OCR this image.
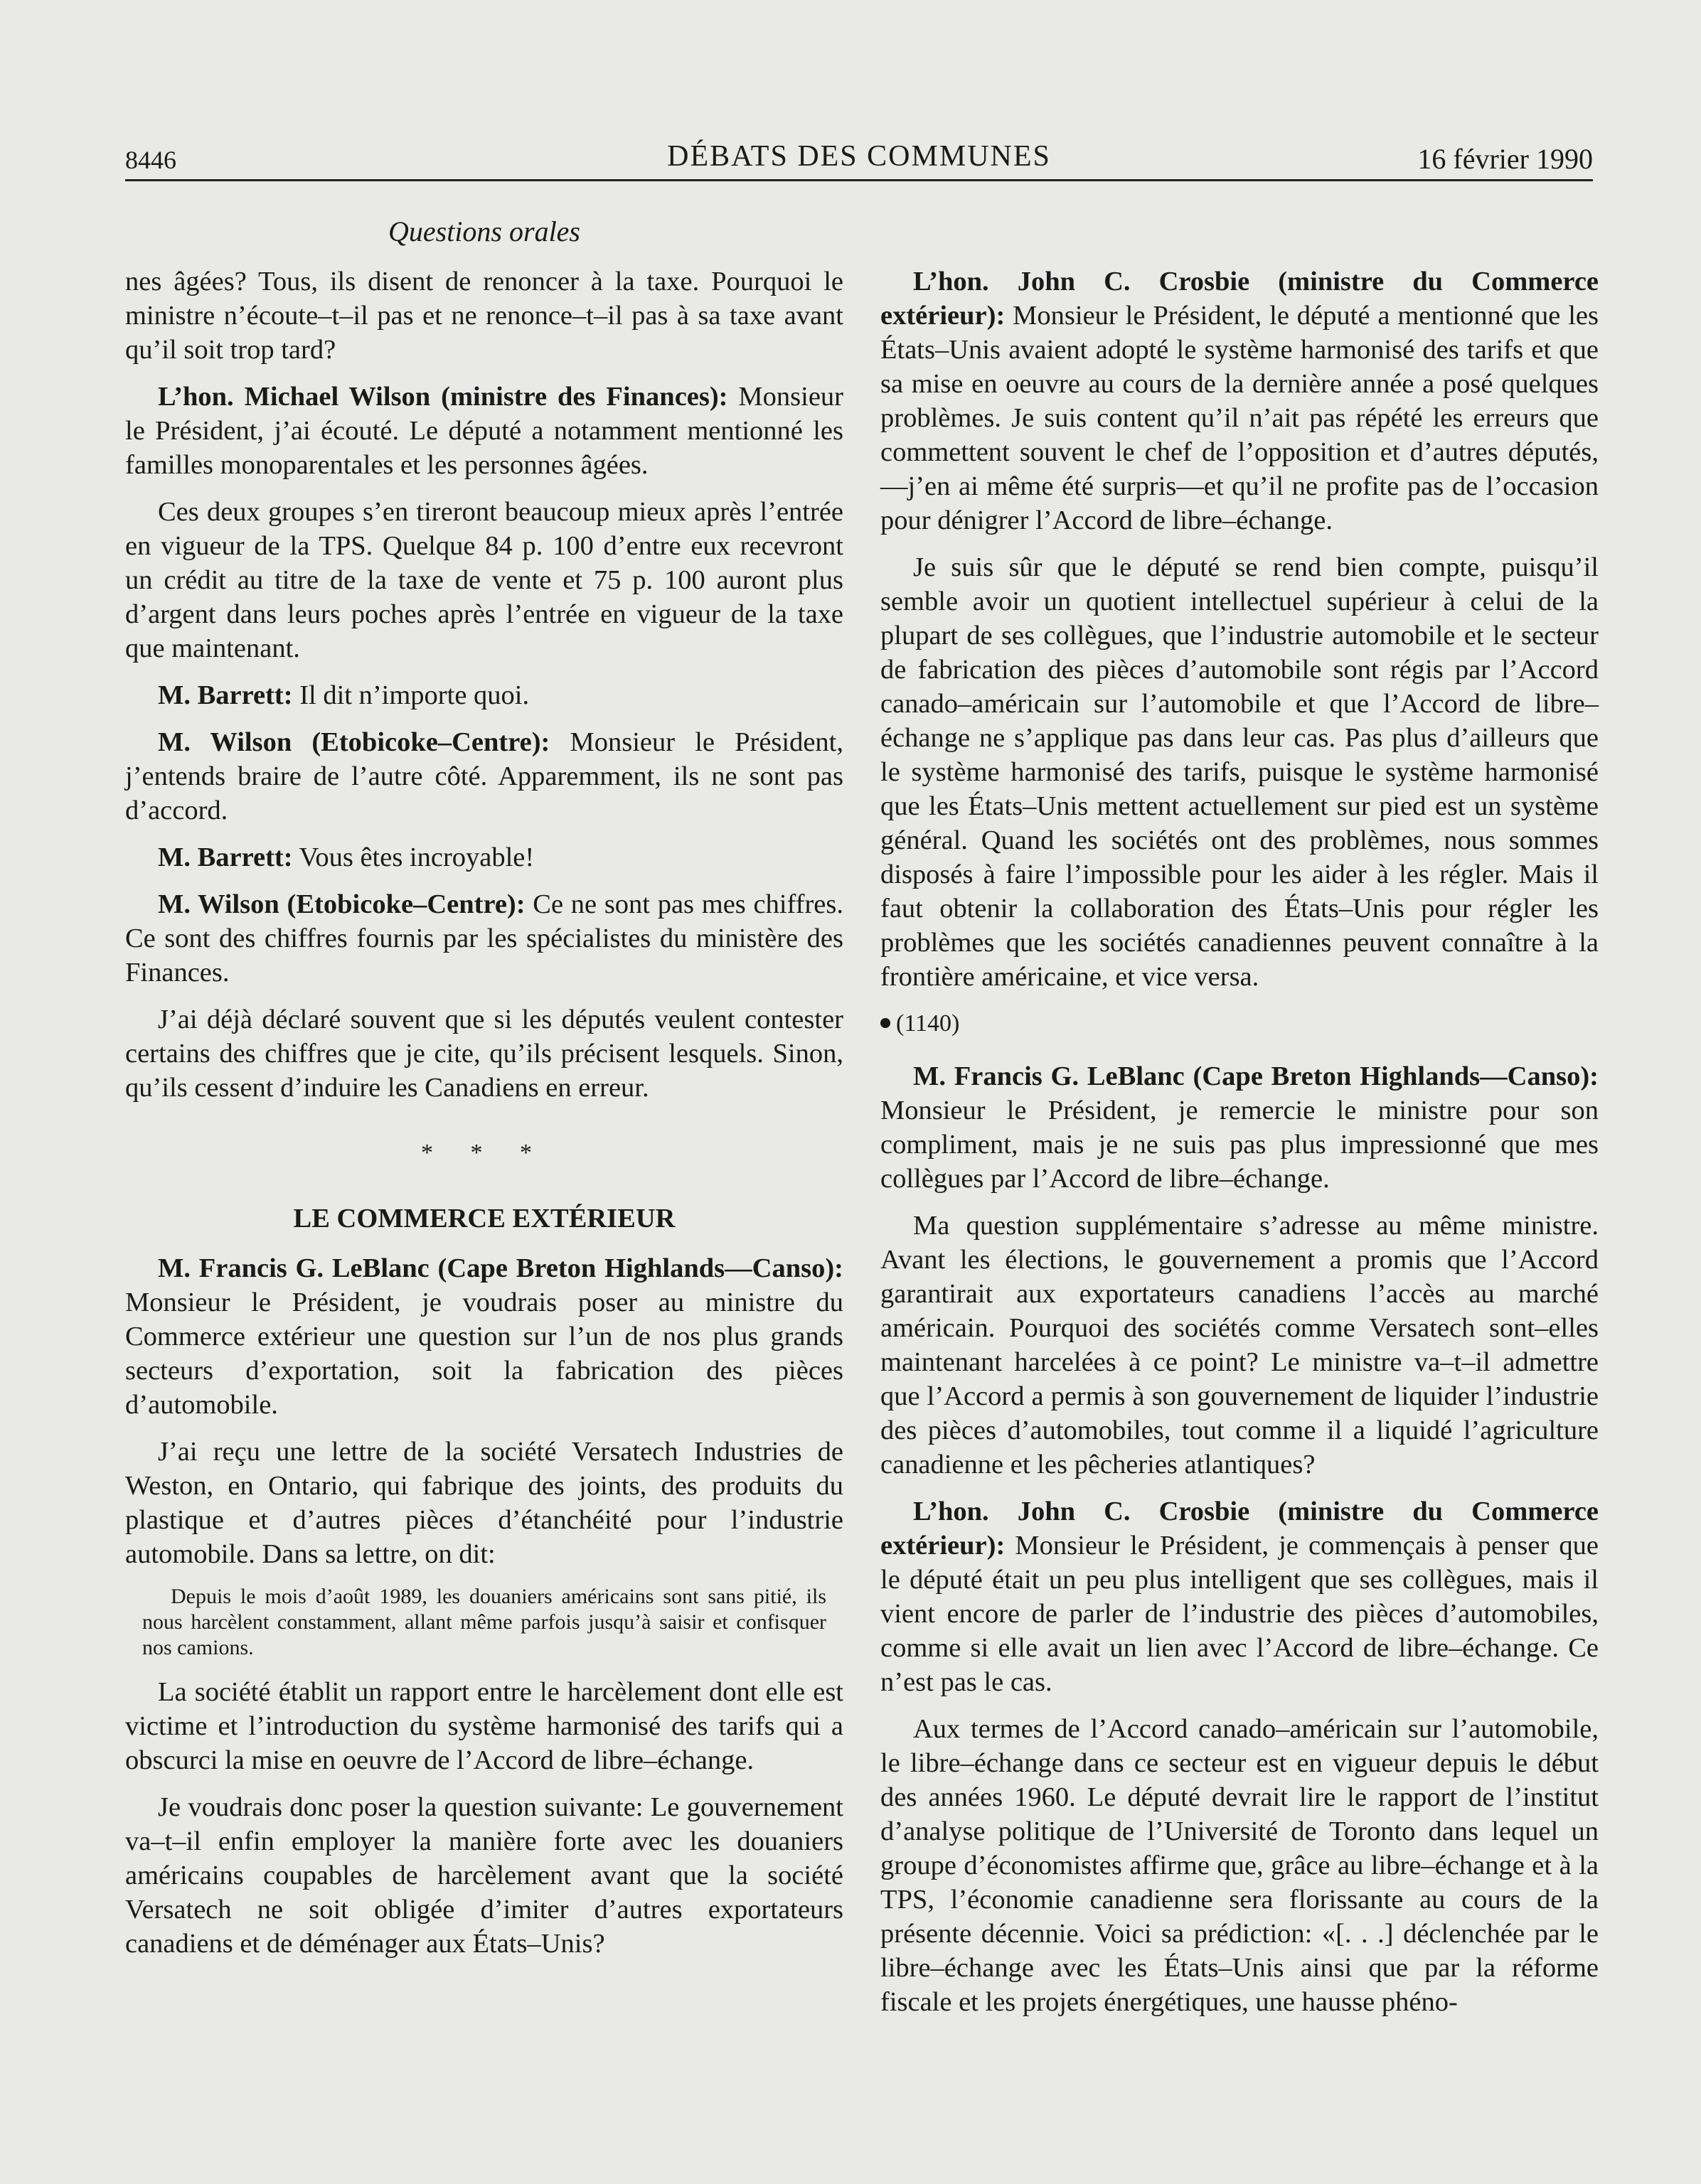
8446	DÉBATS DES COMMUNES	16 février 1990
Questions orales

nes âgées? Tous, ils disent de renoncer à la taxe. Pourquoi le ministre n’écoute–t–il pas et ne renonce–t–il pas à sa taxe avant qu’il soit trop tard?

L’hon. Michael Wilson (ministre des Finances): Monsieur le Président, j’ai écouté. Le député a notamment mentionné les familles monoparentales et les personnes âgées.

Ces deux groupes s’en tireront beaucoup mieux après l’entrée en vigueur de la TPS. Quelque 84 p. 100 d’entre eux recevront un crédit au titre de la taxe de vente et 75 p. 100 auront plus d’argent dans leurs poches après l’entrée en vigueur de la taxe que maintenant.

M. Barrett: Il dit n’importe quoi.

M. Wilson (Etobicoke–Centre): Monsieur le Président, j’entends braire de l’autre côté. Apparemment, ils ne sont pas d’accord.

M. Barrett: Vous êtes incroyable!

M. Wilson (Etobicoke–Centre): Ce ne sont pas mes chiffres. Ce sont des chiffres fournis par les spécialistes du ministère des Finances.

J’ai déjà déclaré souvent que si les députés veulent contester certains des chiffres que je cite, qu’ils précisent lesquels. Sinon, qu’ils cessent d’induire les Canadiens en erreur.

* * *
LE COMMERCE EXTÉRIEUR

M. Francis G. LeBlanc (Cape Breton Highlands—Canso): Monsieur le Président, je voudrais poser au ministre du Commerce extérieur une question sur l’un de nos plus grands secteurs d’exportation, soit la fabrication des pièces d’automobile.

J’ai reçu une lettre de la société Versatech Industries de Weston, en Ontario, qui fabrique des joints, des produits du plastique et d’autres pièces d’étanchéité pour l’industrie automobile. Dans sa lettre, on dit:

Depuis le mois d’août 1989, les douaniers américains sont sans pitié, ils nous harcèlent constamment, allant même parfois jusqu’à saisir et confisquer nos camions.

La société établit un rapport entre le harcèlement dont elle est victime et l’introduction du système harmonisé des tarifs qui a obscurci la mise en oeuvre de l’Accord de libre–échange.

Je voudrais donc poser la question suivante: Le gouvernement va–t–il enfin employer la manière forte avec les douaniers américains coupables de harcèlement avant que la société Versatech ne soit obligée d’imiter d’autres exportateurs canadiens et de déménager aux États–Unis?

L’hon. John C. Crosbie (ministre du Commerce extérieur): Monsieur le Président, le député a mentionné que les États–Unis avaient adopté le système harmonisé des tarifs et que sa mise en oeuvre au cours de la dernière année a posé quelques problèmes. Je suis content qu’il n’ait pas répété les erreurs que commettent souvent le chef de l’opposition et d’autres députés,—j’en ai même été surpris—et qu’il ne profite pas de l’occasion pour dénigrer l’Accord de libre–échange.

Je suis sûr que le député se rend bien compte, puisqu’il semble avoir un quotient intellectuel supérieur à celui de la plupart de ses collègues, que l’industrie automobile et le secteur de fabrication des pièces d’automobile sont régis par l’Accord canado–américain sur l’automobile et que l’Accord de libre–échange ne s’applique pas dans leur cas. Pas plus d’ailleurs que le système harmonisé des tarifs, puisque le système harmonisé que les États–Unis mettent actuellement sur pied est un système général. Quand les sociétés ont des problèmes, nous sommes disposés à faire l’impossible pour les aider à les régler. Mais il faut obtenir la collaboration des États–Unis pour régler les problèmes que les sociétés canadiennes peuvent connaître à la frontière américaine, et vice versa.

(1140)

M. Francis G. LeBlanc (Cape Breton Highlands—Canso): Monsieur le Président, je remercie le ministre pour son compliment, mais je ne suis pas plus impressionné que mes collègues par l’Accord de libre–échange.

Ma question supplémentaire s’adresse au même ministre. Avant les élections, le gouvernement a promis que l’Accord garantirait aux exportateurs canadiens l’accès au marché américain. Pourquoi des sociétés comme Versatech sont–elles maintenant harcelées à ce point? Le ministre va–t–il admettre que l’Accord a permis à son gouvernement de liquider l’industrie des pièces d’automobiles, tout comme il a liquidé l’agriculture canadienne et les pêcheries atlantiques?

L’hon. John C. Crosbie (ministre du Commerce extérieur): Monsieur le Président, je commençais à penser que le député était un peu plus intelligent que ses collègues, mais il vient encore de parler de l’industrie des pièces d’automobiles, comme si elle avait un lien avec l’Accord de libre–échange. Ce n’est pas le cas.

Aux termes de l’Accord canado–américain sur l’automobile, le libre–échange dans ce secteur est en vigueur depuis le début des années 1960. Le député devrait lire le rapport de l’institut d’analyse politique de l’Université de Toronto dans lequel un groupe d’économistes affirme que, grâce au libre–échange et à la TPS, l’économie canadienne sera florissante au cours de la présente décennie. Voici sa prédiction: «[. . .] déclenchée par le libre–échange avec les États–Unis ainsi que par la réforme fiscale et les projets énergétiques, une hausse phéno-
